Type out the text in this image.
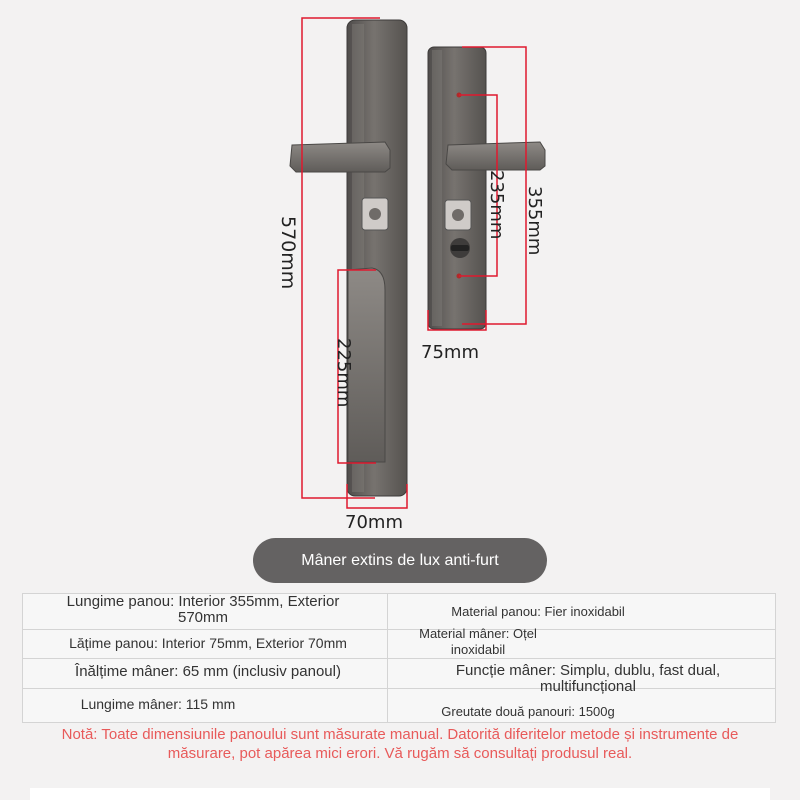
570mm
70mm
225mm
355mm
235mm
75mm
Mâner extins de lux anti-furt
Lungime panou: Interior 355mm, Exterior 570mm
Lățime panou: Interior 75mm, Exterior 70mm
Înălțime mâner: 65 mm (inclusiv panoul)
Lungime mâner: 115 mm
Material panou: Fier inoxidabil
Material mâner: Oțel inoxidabil
Funcție mâner: Simplu, dublu, fast dual, multifuncțional
Greutate două panouri: 1500g
Notă: Toate dimensiunile panoului sunt măsurate manual. Datorită diferitelor metode și instrumente de măsurare, pot apărea mici erori. Vă rugăm să consultați produsul real.
